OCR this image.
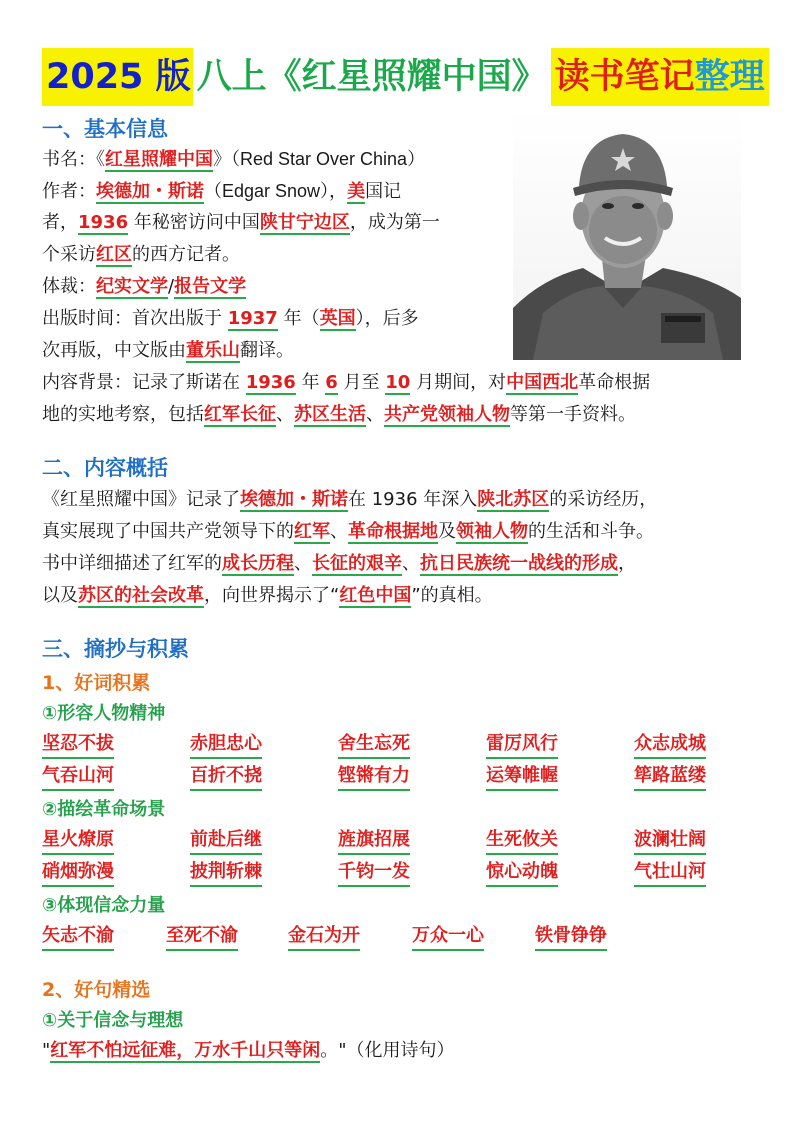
2025 版 八上《红星照耀中国》 读书笔记 整理
一、基本信息
书名：《红星照耀中国》（Red Star Over China）
作者：埃德加・斯诺（Edgar Snow），美国记
者，1936 年秘密访问中国陕甘宁边区，成为第一
个采访红区的西方记者。
体裁：纪实文学/报告文学
出版时间：首次出版于 1937 年（英国），后多
次再版，中文版由董乐山翻译。
内容背景：记录了斯诺在 1936 年 6 月至 10 月期间，对中国西北革命根据
地的实地考察，包括红军长征、苏区生活、共产党领袖人物等第一手资料。
二、内容概括
《红星照耀中国》记录了埃德加・斯诺在 1936 年深入陕北苏区的采访经历，
真实展现了中国共产党领导下的红军、革命根据地及领袖人物的生活和斗争。
书中详细描述了红军的成长历程、长征的艰辛、抗日民族统一战线的形成，
以及苏区的社会改革，向世界揭示了“红色中国”的真相。
三、摘抄与积累
1、好词积累
①形容人物精神
坚忍不拔	赤胆忠心	舍生忘死	雷厉风行	众志成城
气吞山河	百折不挠	铿锵有力	运筹帷幄	筚路蓝缕
②描绘革命场景
星火燎原	前赴后继	旌旗招展	生死攸关	波澜壮阔
硝烟弥漫	披荆斩棘	千钧一发	惊心动魄	气壮山河
③体现信念力量
矢志不渝	至死不渝	金石为开	万众一心	铁骨铮铮
2、好句精选
①关于信念与理想
"红军不怕远征难，万水千山只等闲。"（化用诗句）
